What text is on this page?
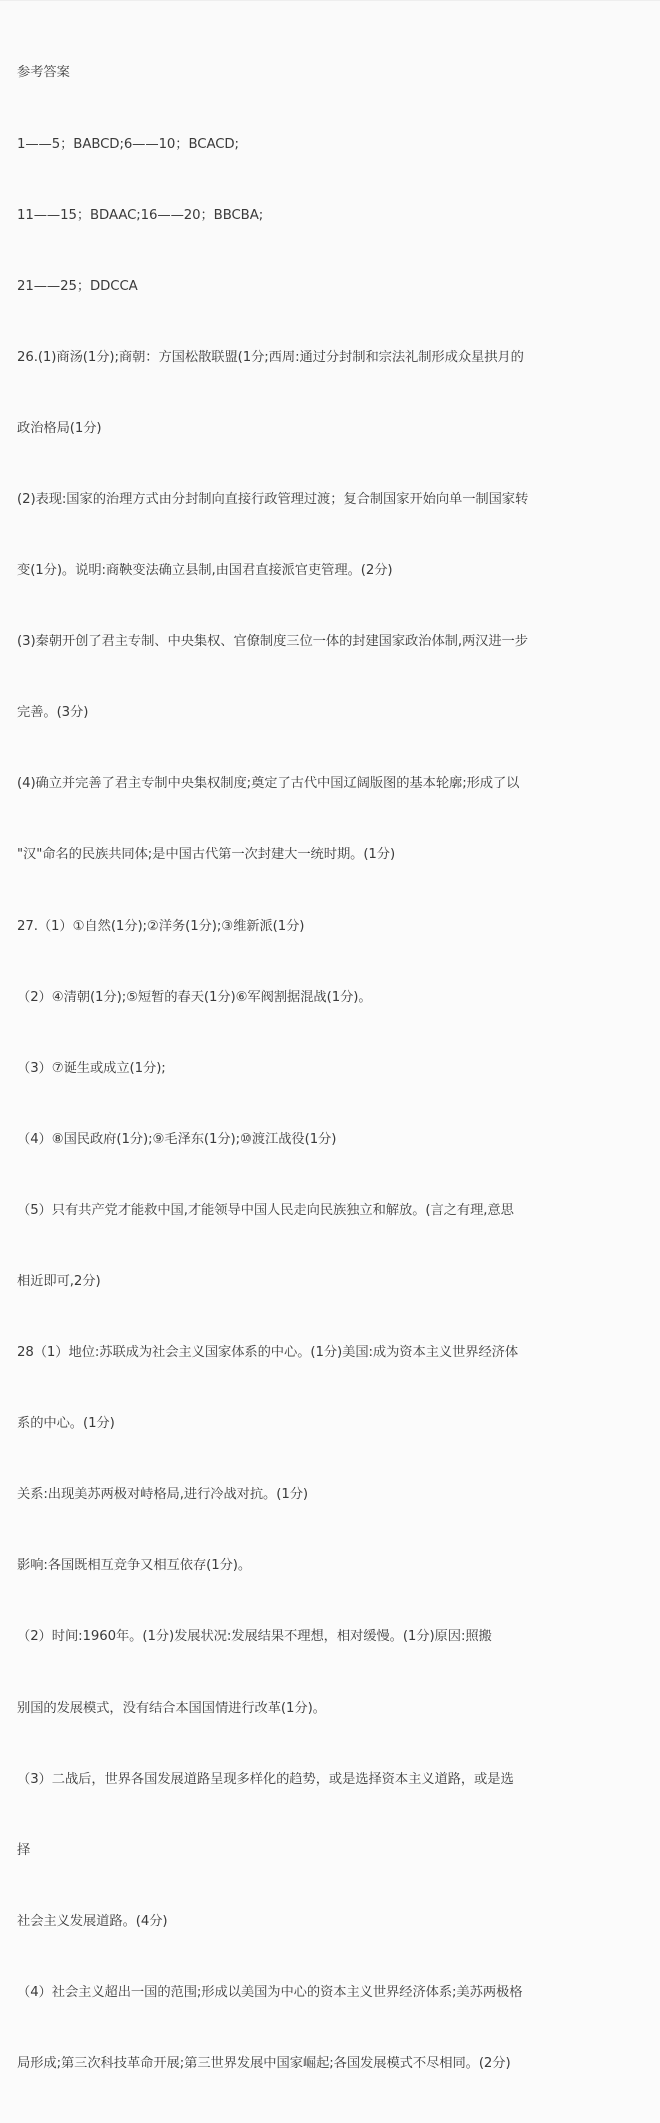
参考答案

1——5；BABCD;6——10；BCACD;

11——15；BDAAC;16——20；BBCBA;

21——25；DDCCA

26.(1)商汤(1分);商朝：方国松散联盟(1分;西周:通过分封制和宗法礼制形成众星拱月的

政治格局(1分)

(2)表现:国家的治理方式由分封制向直接行政管理过渡；复合制国家开始向单一制国家转

变(1分)。说明:商鞅变法确立县制,由国君直接派官吏管理。(2分)

(3)秦朝开创了君主专制、中央集权、官僚制度三位一体的封建国家政治体制,两汉进一步

完善。(3分)

(4)确立并完善了君主专制中央集权制度;奠定了古代中国辽阔版图的基本轮廓;形成了以

"汉"命名的民族共同体;是中国古代第一次封建大一统时期。(1分)

27.（1）①自然(1分);②洋务(1分);③维新派(1分)

（2）④清朝(1分);⑤短暂的春天(1分)⑥军阀割据混战(1分)。

（3）⑦诞生或成立(1分);

（4）⑧国民政府(1分);⑨毛泽东(1分);⑩渡江战役(1分)

（5）只有共产党才能救中国,才能领导中国人民走向民族独立和解放。(言之有理,意思

相近即可,2分)

28（1）地位:苏联成为社会主义国家体系的中心。(1分)美国:成为资本主义世界经济体

系的中心。(1分)

关系:出现美苏两极对峙格局,进行冷战对抗。(1分)

影响:各国既相互竞争又相互依存(1分)。

（2）时间:1960年。(1分)发展状况:发展结果不理想，相对缓慢。(1分)原因:照搬

别国的发展模式，没有结合本国国情进行改革(1分)。

（3）二战后，世界各国发展道路呈现多样化的趋势，或是选择资本主义道路，或是选

择

社会主义发展道路。(4分)

（4）社会主义超出一国的范围;形成以美国为中心的资本主义世界经济体系;美苏两极格

局形成;第三次科技革命开展;第三世界发展中国家崛起;各国发展模式不尽相同。(2分)
